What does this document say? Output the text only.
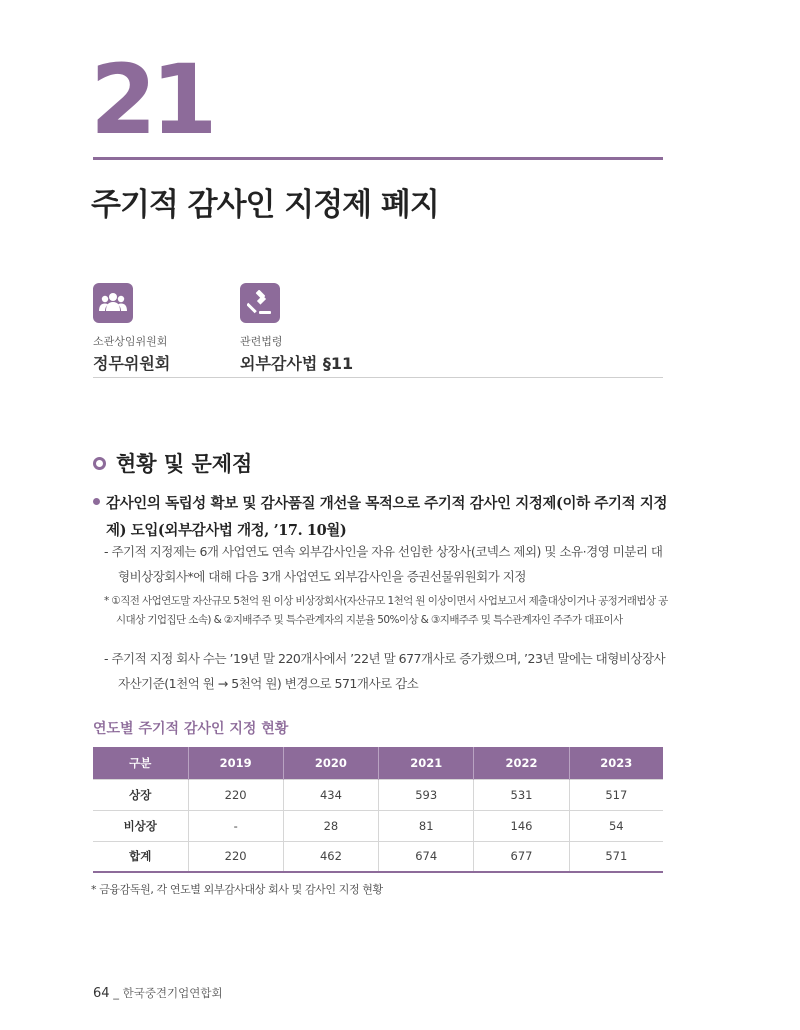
21
주기적 감사인 지정제 폐지
소관상임위원회
정무위원회
관련법령
외부감사법 §11
현황 및 문제점
감사인의 독립성 확보 및 감사품질 개선을 목적으로 주기적 감사인 지정제(이하 주기적 지정제) 도입(외부감사법 개정, ’17. 10월)
- 주기적 지정제는 6개 사업연도 연속 외부감사인을 자유 선임한 상장사(코넥스 제외) 및 소유·경영 미분리 대형비상장회사*에 대해 다음 3개 사업연도 외부감사인을 증권선물위원회가 지정
* ①직전 사업연도말 자산규모 5천억 원 이상 비상장회사(자산규모 1천억 원 이상이면서 사업보고서 제출대상이거나 공정거래법상 공시대상 기업집단 소속) & ②지배주주 및 특수관계자의 지분율 50%이상 & ③지배주주 및 특수관계자인 주주가 대표이사
- 주기적 지정 회사 수는 ’19년 말 220개사에서 ’22년 말 677개사로 증가했으며, ’23년 말에는 대형비상장사 자산기준(1천억 원 → 5천억 원) 변경으로 571개사로 감소
연도별 주기적 감사인 지정 현황
구분	2019	2020	2021	2022	2023
상장	220	434	593	531	517
비상장	-	28	81	146	54
합계	220	462	674	677	571
* 금융감독원, 각 연도별 외부감사대상 회사 및 감사인 지정 현황
64 _ 한국중견기업연합회
